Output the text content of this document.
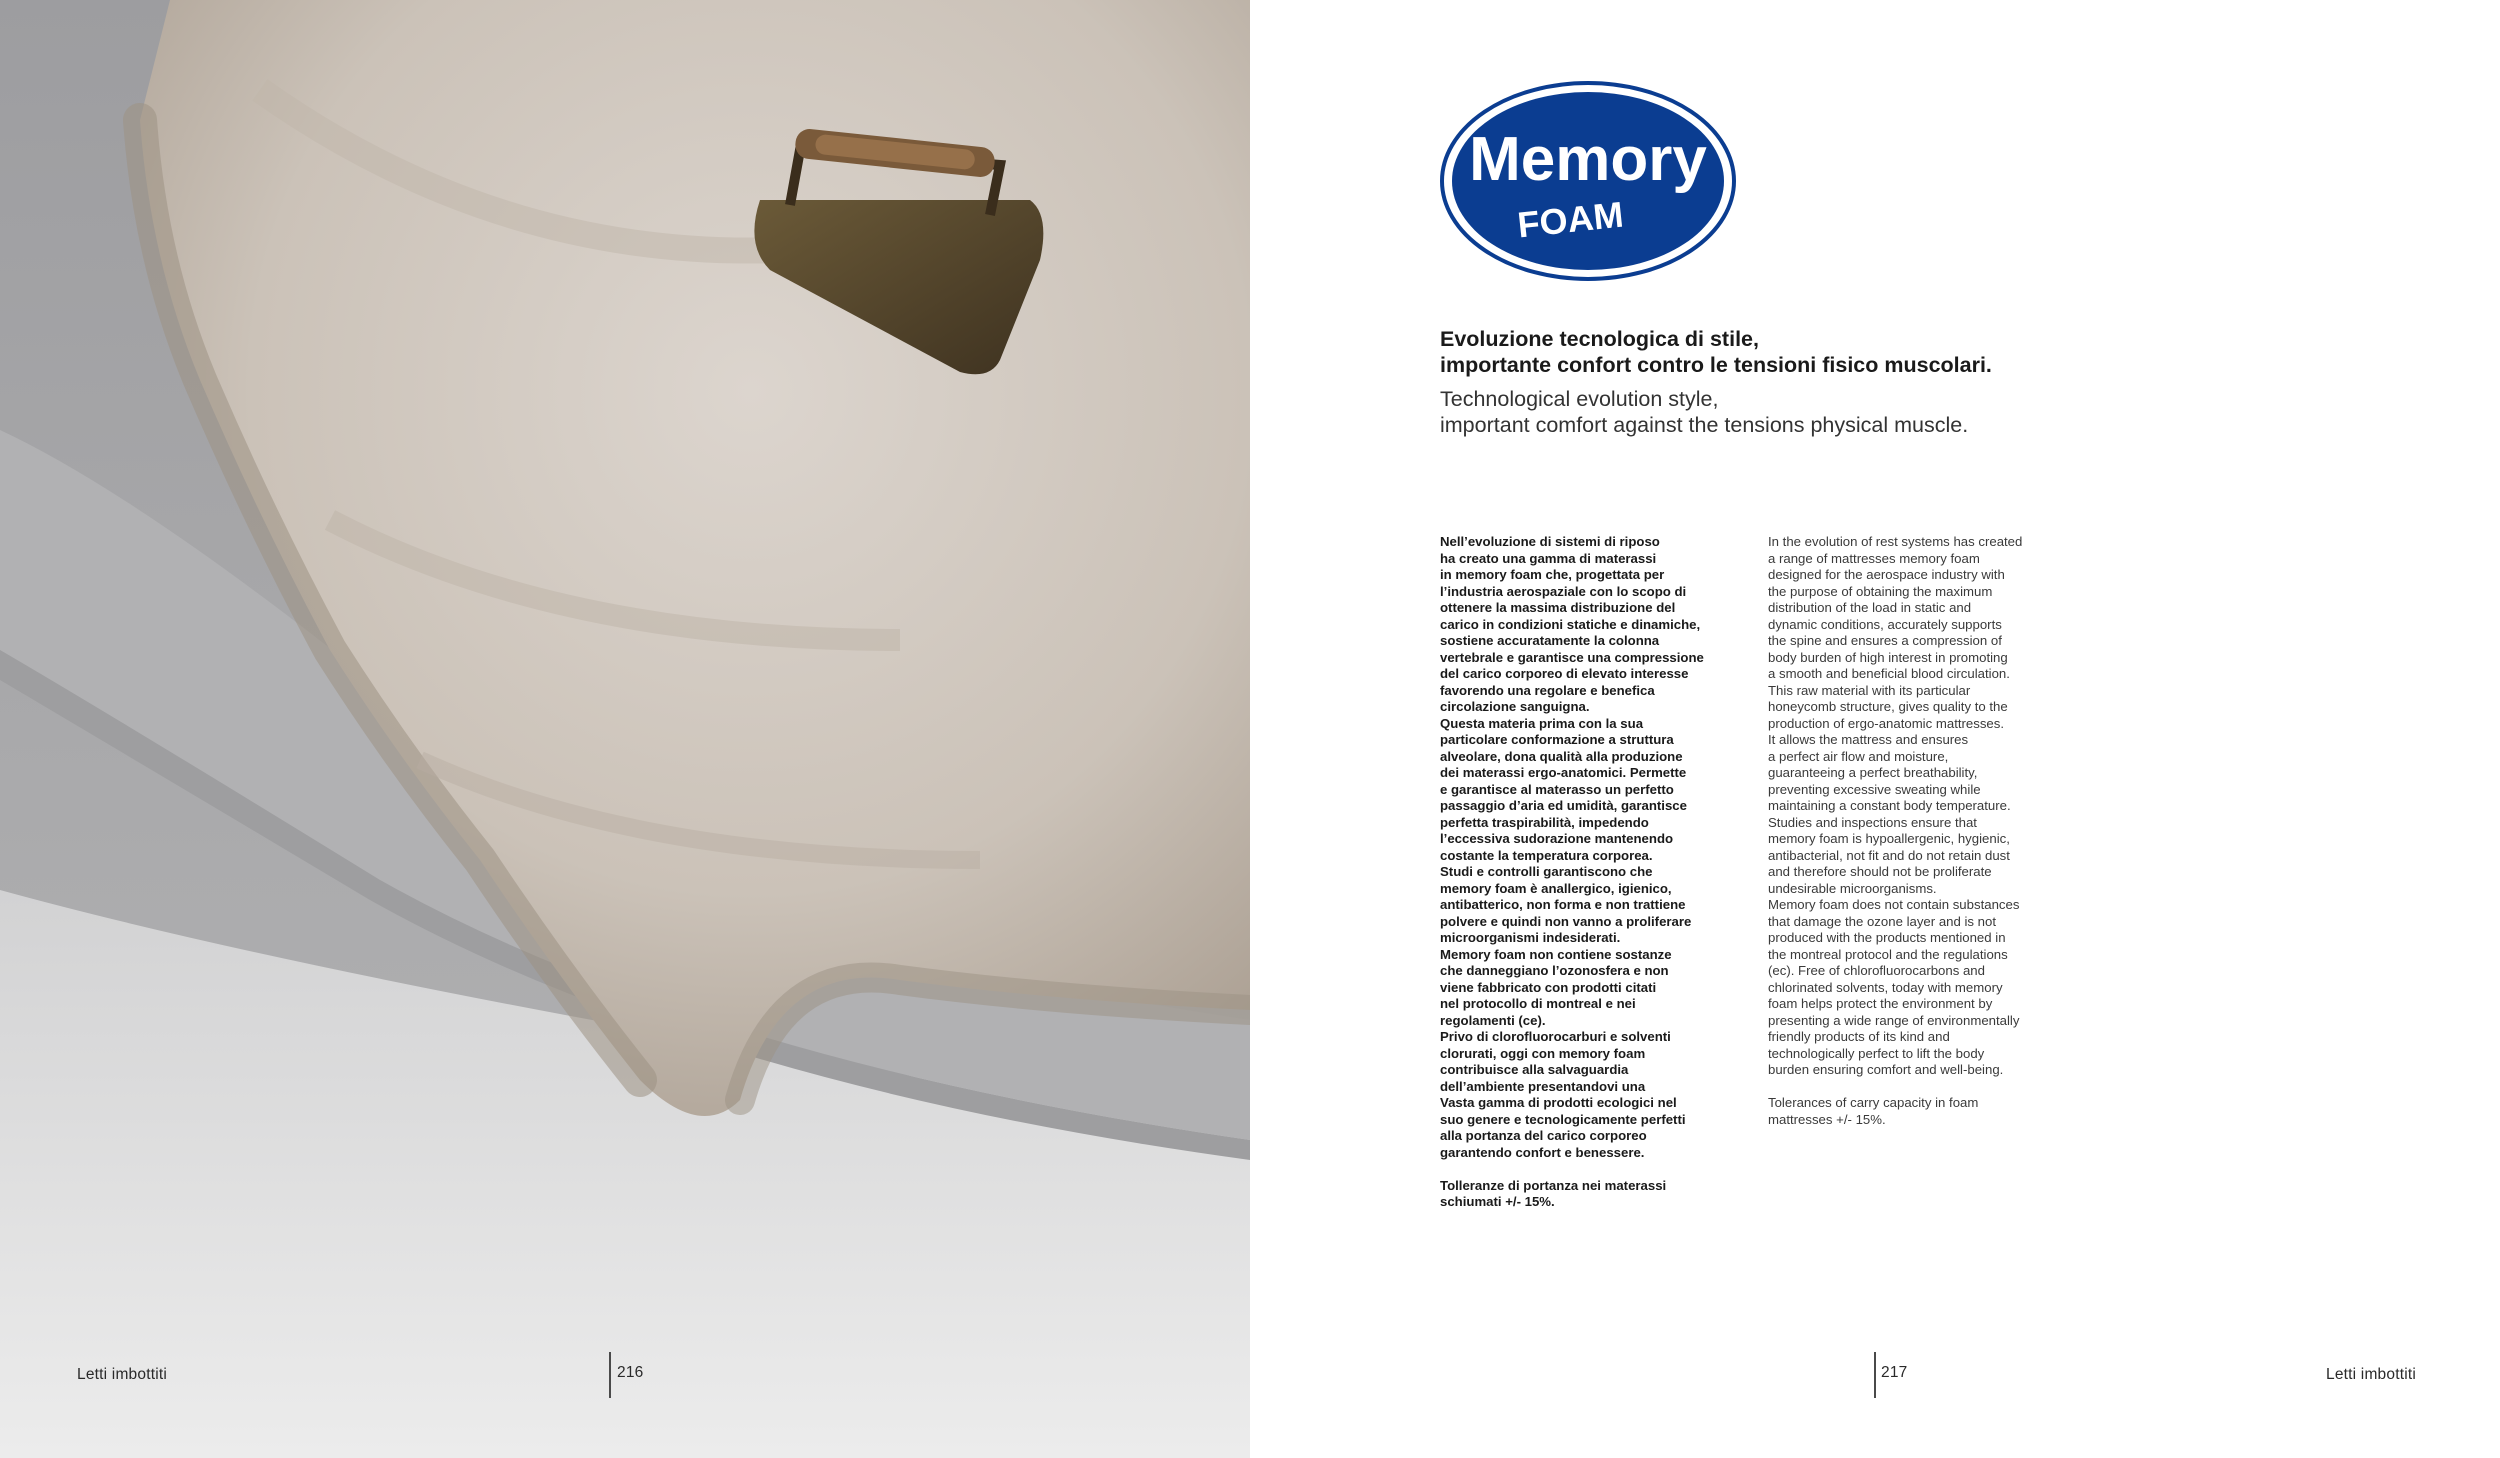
Letti imbottiti	216
Memory
FOAM
Evoluzione tecnologica di stile,
importante confort contro le tensioni fisico muscolari.
Technological evolution style,
important comfort against the tensions physical muscle.
Nell’evoluzione di sistemi di riposo
ha creato una gamma di materassi
in memory foam che, progettata per
l’industria aerospaziale con lo scopo di
ottenere la massima distribuzione del
carico in condizioni statiche e dinamiche,
sostiene accuratamente la colonna
vertebrale e garantisce una compressione
del carico corporeo di elevato interesse
favorendo una regolare e benefica
circolazione sanguigna.
Questa materia prima con la sua
particolare conformazione a struttura
alveolare, dona qualità alla produzione
dei materassi ergo-anatomici. Permette
e garantisce al materasso un perfetto
passaggio d’aria ed umidità, garantisce
perfetta traspirabilità, impedendo
l’eccessiva sudorazione mantenendo
costante la temperatura corporea.
Studi e controlli garantiscono che
memory foam è anallergico, igienico,
antibatterico, non forma e non trattiene
polvere e quindi non vanno a proliferare
microorganismi indesiderati.
Memory foam non contiene sostanze
che danneggiano l’ozonosfera e non
viene fabbricato con prodotti citati
nel protocollo di montreal e nei
regolamenti (ce).
Privo di clorofluorocarburi e solventi
clorurati, oggi con memory foam
contribuisce alla salvaguardia
dell’ambiente presentandovi una
Vasta gamma di prodotti ecologici nel
suo genere e tecnologicamente perfetti
alla portanza del carico corporeo
garantendo confort e benessere.

Tolleranze di portanza nei materassi
schiumati +/- 15%.
In the evolution of rest systems has created
a range of mattresses memory foam
designed for the aerospace industry with
the purpose of obtaining the maximum
distribution of the load in static and
dynamic conditions, accurately supports
the spine and ensures a compression of
body burden of high interest in promoting
a smooth and beneficial blood circulation.
This raw material with its particular
honeycomb structure, gives quality to the
production of ergo-anatomic mattresses.
It allows the mattress and ensures
a perfect air flow and moisture,
guaranteeing a perfect breathability,
preventing excessive sweating while
maintaining a constant body temperature.
Studies and inspections ensure that
memory foam is hypoallergenic, hygienic,
antibacterial, not fit and do not retain dust
and therefore should not be proliferate
undesirable microorganisms.
Memory foam does not contain substances
that damage the ozone layer and is not
produced with the products mentioned in
the montreal protocol and the regulations
(ec). Free of chlorofluorocarbons and
chlorinated solvents, today with memory
foam helps protect the environment by
presenting a wide range of environmentally
friendly products of its kind and
technologically perfect to lift the body
burden ensuring comfort and well-being.

Tolerances of carry capacity in foam
mattresses +/- 15%.
217	Letti imbottiti
